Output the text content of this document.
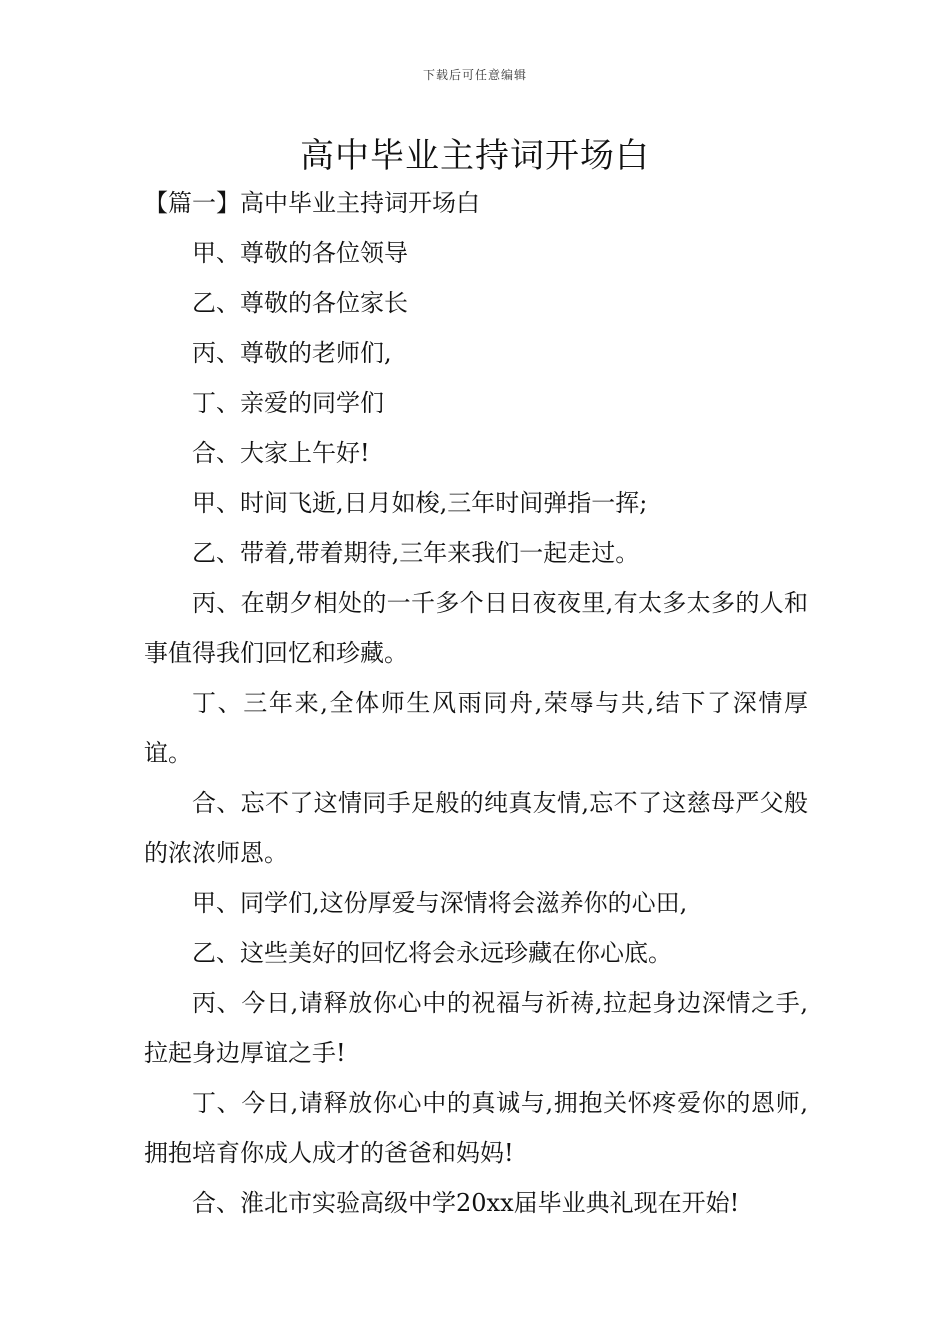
下载后可任意编辑
高中毕业主持词开场白

【篇一】高中毕业主持词开场白

甲、尊敬的各位领导

乙、尊敬的各位家长

丙、尊敬的老师们,

丁、亲爱的同学们

合、大家上午好!

甲、时间飞逝,日月如梭,三年时间弹指一挥;

乙、带着,带着期待,三年来我们一起走过。

丙、在朝夕相处的一千多个日日夜夜里,有太多太多的人和事值得我们回忆和珍藏。

丁、三年来,全体师生风雨同舟,荣辱与共,结下了深情厚谊。

合、忘不了这情同手足般的纯真友情,忘不了这慈母严父般的浓浓师恩。

甲、同学们,这份厚爱与深情将会滋养你的心田,

乙、这些美好的回忆将会永远珍藏在你心底。

丙、今日,请释放你心中的祝福与祈祷,拉起身边深情之手,拉起身边厚谊之手!

丁、今日,请释放你心中的真诚与,拥抱关怀疼爱你的恩师,拥抱培育你成人成才的爸爸和妈妈!

合、淮北市实验高级中学20xx届毕业典礼现在开始!
